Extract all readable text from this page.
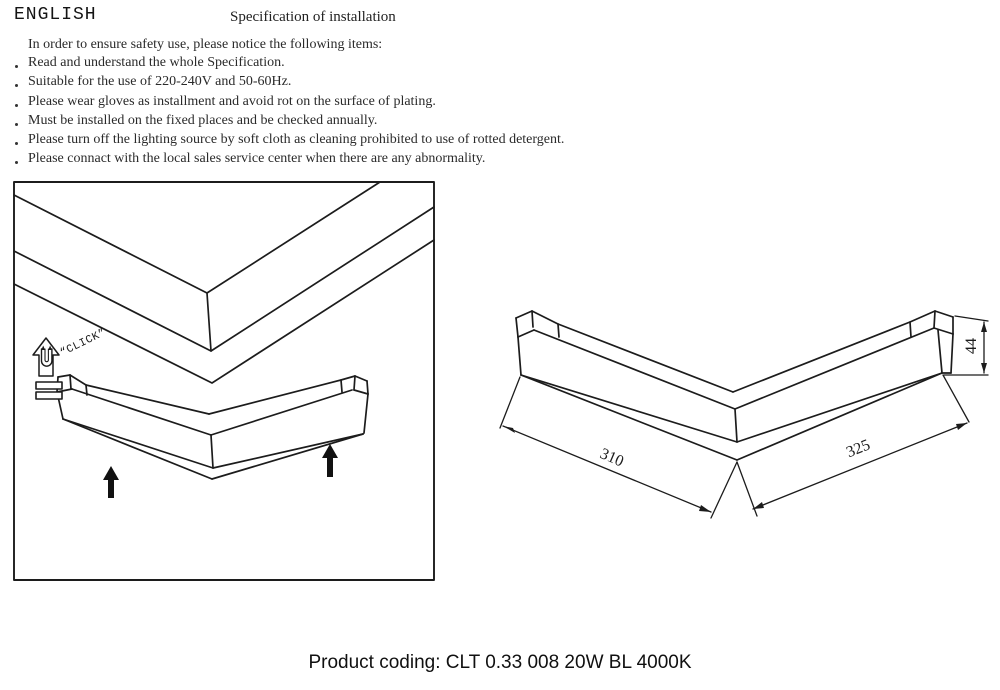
ENGLISH	Specification of installation
In order to ensure safety use, please notice the following items:
Read and understand the whole Specification.
Suitable for the use of 220-240V and 50-60Hz.
Please wear gloves as installment and avoid rot on the surface of plating.
Must be installed on the fixed places and be checked annually.
Please turn off the lighting source by soft cloth as cleaning prohibited to use of rotted detergent.
Please connact with the local sales service center when there are any abnormality.
“CLICK”
310	325
44
Product coding: CLT 0.33 008 20W BL 4000K
